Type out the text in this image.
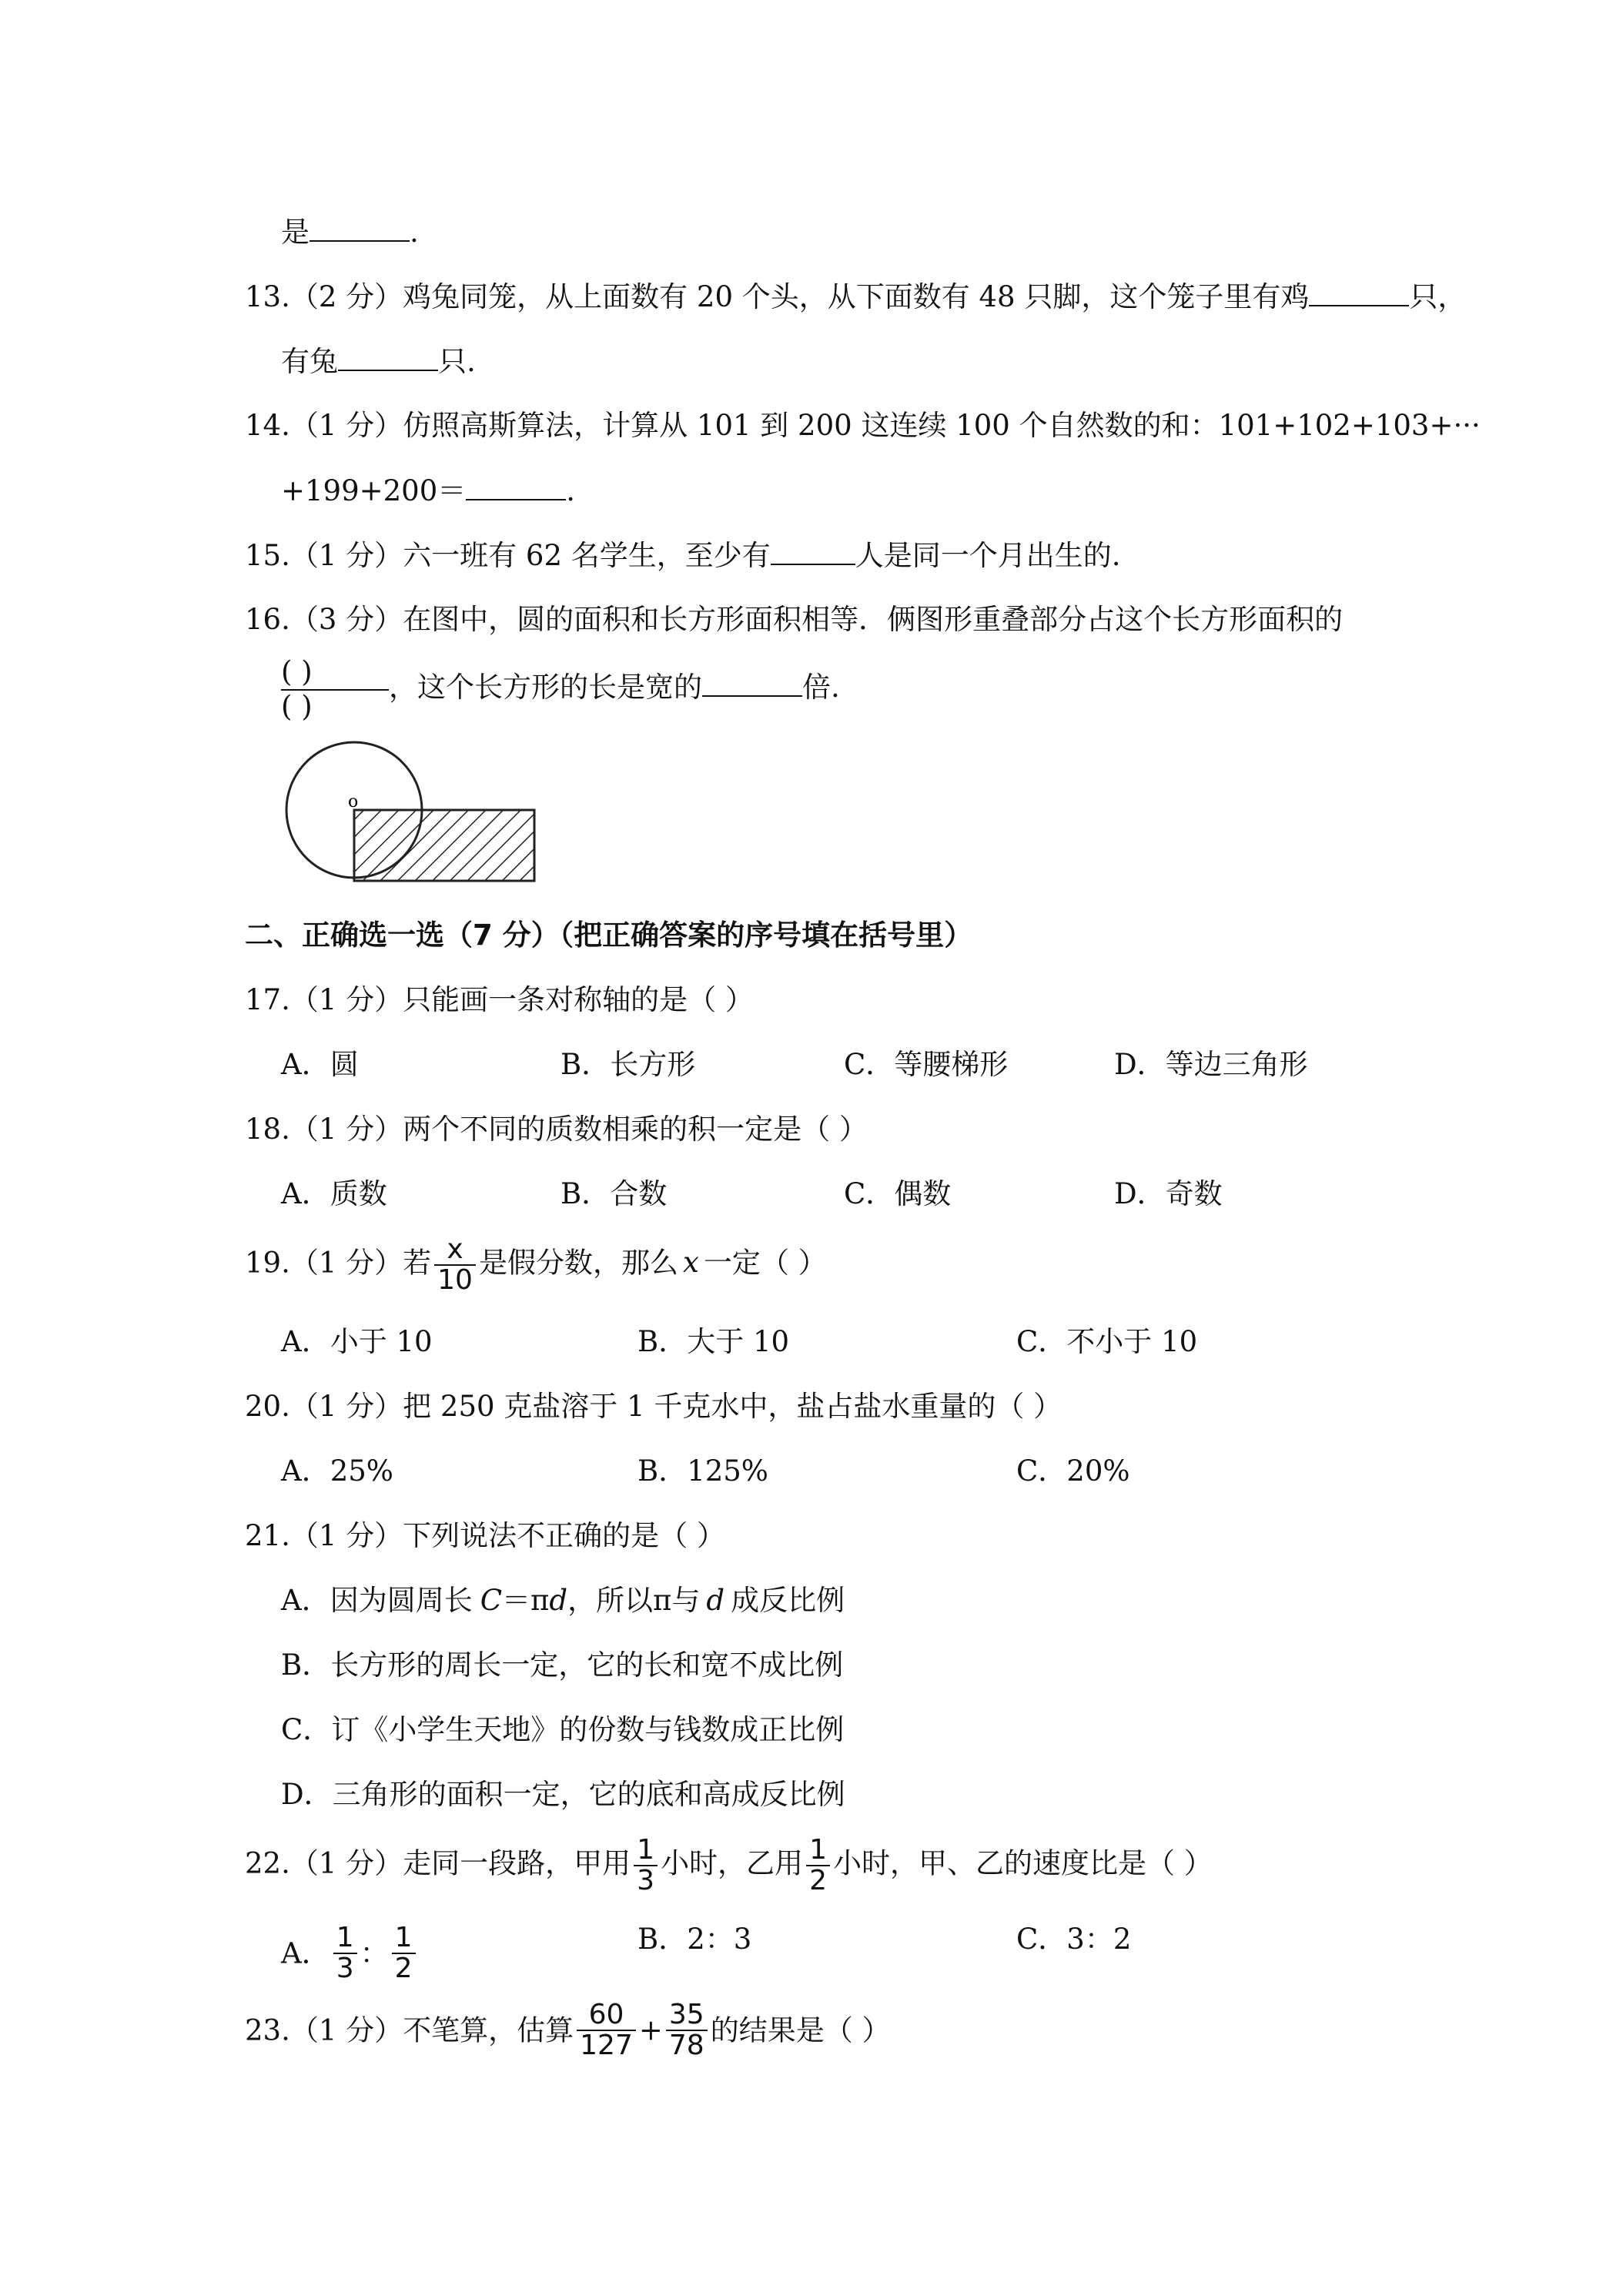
是	.
13.（2 分）鸡兔同笼，从上面数有 20 个头，从下面数有 48 只脚，这个笼子里有鸡	只，
有兔	只.
14.（1 分）仿照高斯算法，计算从 101 到 200 这连续 100 个自然数的和：101+102+103+···
+199+200＝	.
15.（1 分）六一班有 62 名学生，至少有	人是同一个月出生的.
16.（3 分）在图中，圆的面积和长方形面积相等．俩图形重叠部分占这个长方形面积的
( )
( )
，这个长方形的长是宽的	倍.
o
二、正确选一选（7 分）（把正确答案的序号填在括号里）
17.（1 分）只能画一条对称轴的是（ ）
A．圆	B．长方形	C．等腰梯形	D．等边三角形
18.（1 分）两个不同的质数相乘的积一定是（ ）
A．质数	B．合数	C．偶数	D．奇数
19.（1 分）若 $\frac{x}{10}$ 是假分数，那么 x 一定（ ）
A．小于 10	B．大于 10	C．不小于 10
20.（1 分）把 250 克盐溶于 1 千克水中，盐占盐水重量的（ ）
A．25%	B．125%	C．20%
21.（1 分）下列说法不正确的是（ ）
A．因为圆周长 C＝πd，所以π与 d 成反比例
B．长方形的周长一定，它的长和宽不成比例
C．订《小学生天地》的份数与钱数成正比例
D．三角形的面积一定，它的底和高成反比例
22.（1 分）走同一段路，甲用 $\frac{1}{3}$ 小时，乙用 $\frac{1}{2}$ 小时，甲、乙的速度比是（ ）
A． $\frac{1}{3}$ ： $\frac{1}{2}$	B．2：3	C．3：2
23.（1 分）不笔算，估算 $\frac{60}{127} + \frac{35}{78}$ 的结果是（ ）
